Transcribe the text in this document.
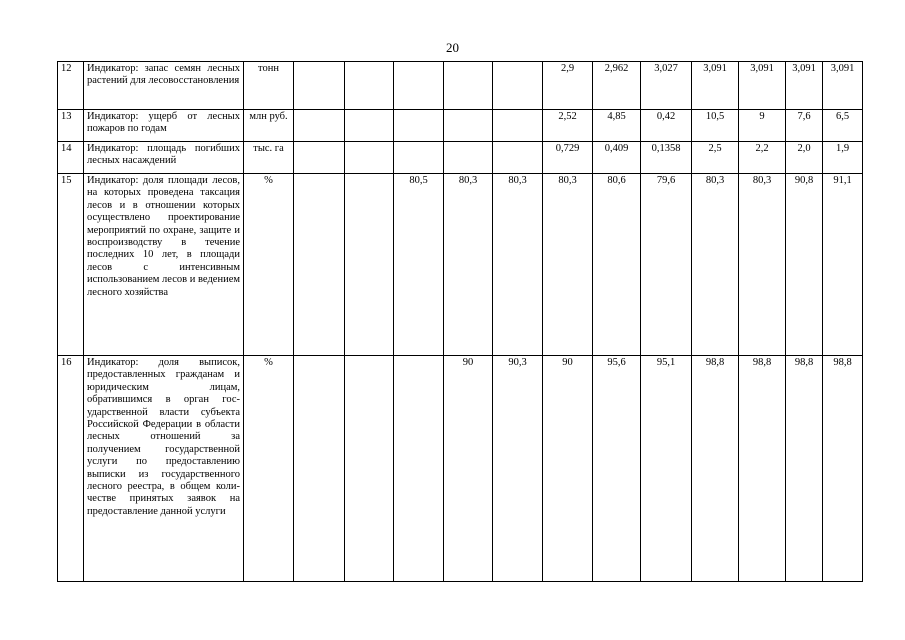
20
12	Индикатор: запас семян лесных растений для лесовосстановления	тонн						2,9	2,962	3,027	3,091	3,091	3,091	3,091
13	Индикатор: ущерб от лесных пожаров по годам	млн руб.						2,52	4,85	0,42	10,5	9	7,6	6,5
14	Индикатор: площадь погибших лесных насаждений	тыс. га						0,729	0,409	0,1358	2,5	2,2	2,0	1,9
15	Индикатор: доля площади лесов, на которых проведена таксация лесов и в отношении которых осуществлено проектирование мероприятий по охране, защите и воспроизводству в течение последних 10 лет, в площади лесов с интенсивным использованием лесов и ведением лесного хозяйства	%			80,5	80,3	80,3	80,3	80,6	79,6	80,3	80,3	90,8	91,1
16	Индикатор: доля выписок, предоставленных гражданам и юридическим лицам, обратившимся в орган государственной власти субъекта Российской Федерации в области лесных отношений за получением государственной услуги по предоставлению выписки из государственного лесного реестра, в общем количестве принятых заявок на предоставление данной услуги	%				90	90,3	90	95,6	95,1	98,8	98,8	98,8	98,8
